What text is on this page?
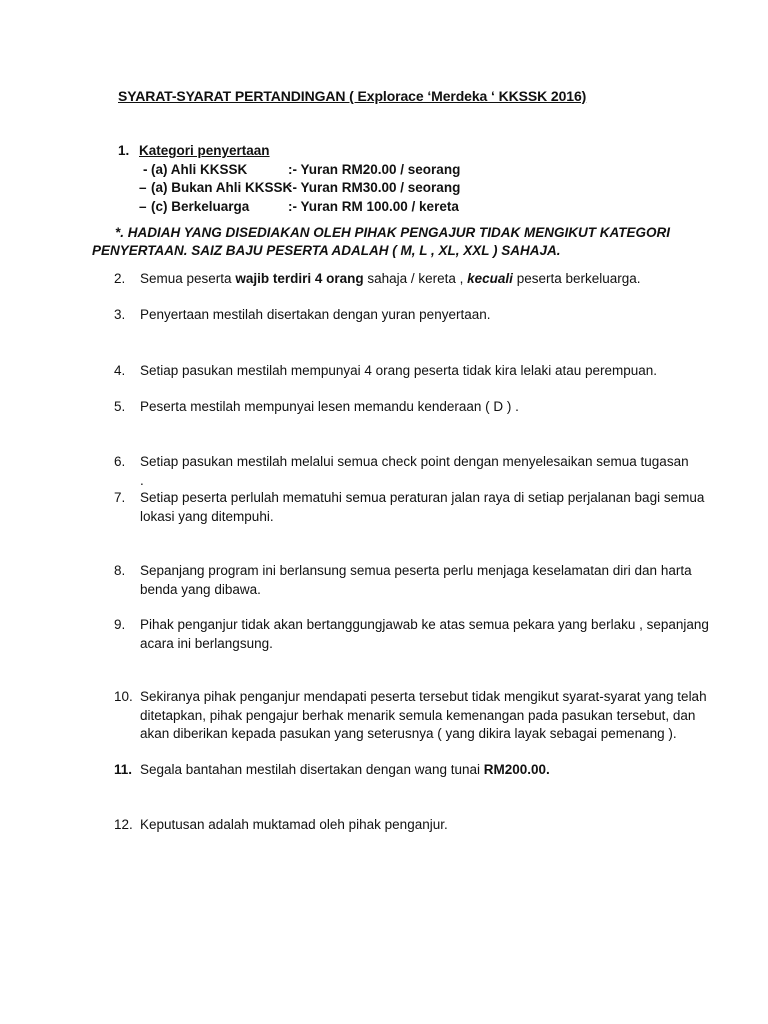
SYARAT-SYARAT PERTANDINGAN ( Explorace ‘Merdeka ‘ KKSSK 2016)
1. Kategori penyertaan
- (a) Ahli KKSSK	:- Yuran RM20.00 / seorang
– (a) Bukan Ahli KKSSK
:- Yuran RM30.00 / seorang
– (c) Berkeluarga	:- Yuran RM 100.00 / kereta
*. HADIAH YANG DISEDIAKAN OLEH PIHAK PENGAJUR TIDAK MENGIKUT KATEGORI
PENYERTAAN. SAIZ BAJU PESERTA ADALAH ( M, L , XL, XXL ) SAHAJA.
2. Semua peserta wajib terdiri 4 orang sahaja / kereta , kecuali peserta berkeluarga.
3. Penyertaan mestilah disertakan dengan yuran penyertaan.
4. Setiap pasukan mestilah mempunyai 4 orang peserta tidak kira lelaki atau perempuan.
5. Peserta mestilah mempunyai lesen memandu kenderaan ( D ) .
6. Setiap pasukan mestilah melalui semua check point dengan menyelesaikan semua tugasan .
7. Setiap peserta perlulah mematuhi semua peraturan jalan raya di setiap perjalanan bagi semua
lokasi yang ditempuhi.
8. Sepanjang program ini berlansung semua peserta perlu menjaga keselamatan diri dan harta
benda yang dibawa.
9. Pihak penganjur tidak akan bertanggungjawab ke atas semua pekara yang berlaku , sepanjang
acara ini berlangsung.
10. Sekiranya pihak penganjur mendapati peserta tersebut tidak mengikut syarat-syarat yang telah
ditetapkan, pihak pengajur berhak menarik semula kemenangan pada pasukan tersebut, dan
akan diberikan kepada pasukan yang seterusnya ( yang dikira layak sebagai pemenang ).
11. Segala bantahan mestilah disertakan dengan wang tunai RM200.00.
12. Keputusan adalah muktamad oleh pihak penganjur.
